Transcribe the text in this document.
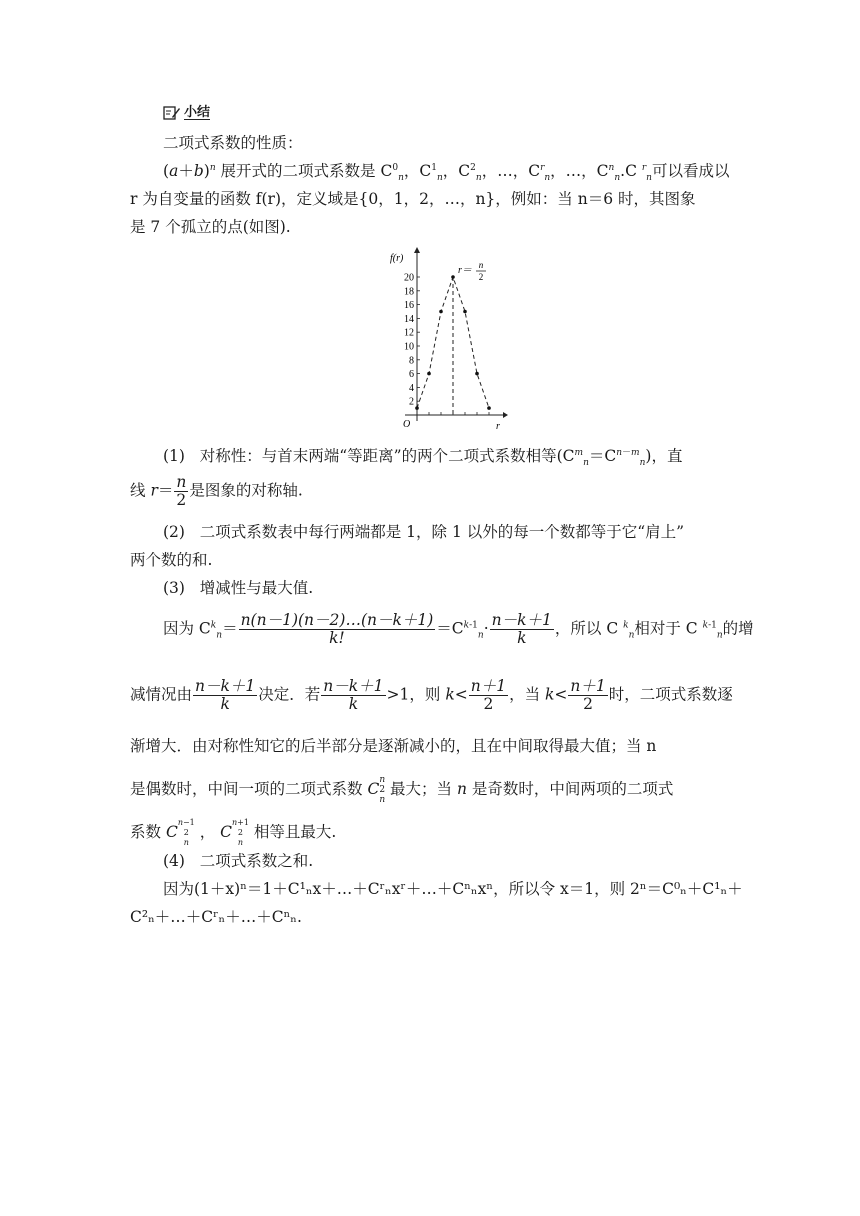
小结
二项式系数的性质：
$(a+b)^n$ 展开式的二项式系数是 $C^0_n$，$C^1_n$，$C^2_n$，…，$C^r_n$，…，$C^n_n.C$ $^r_n$可以看成以
r 为自变量的函数 f(r)，定义域是{0，1，2，…，n}，例如：当 n＝6 时，其图象
是 7 个孤立的点(如图).
f(r)
r
O
2
4
6
8
10
12
14
16
18
20
r＝ n
2
(1)   对称性：与首末两端“等距离”的两个二项式系数相等$(C^m_n=C^{n-m}_n)$，直
线 $r= \frac{n}{2}$ 是图象的对称轴.
(2) 二项式系数表中每行两端都是 1，除 1 以外的每一个数都等于它“肩上”
两个数的和.
(3) 增减性与最大值.
因为 $C^k_n= \frac{n(n-1)(n-2)\dots(n-k+1)}{k!} =C^{k-1}_n\cdot \frac{n-k+1}{k}$ ，所以 C $^k_n$相对于 C $^{k-1}_n$的增
减情况由 $\frac{n-k+1}{k}$ 决定．若 $\frac{n-k+1}{k} >1$，则 $k< \frac{n+1}{2}$ ，当 $k< \frac{n+1}{2}$ 时，二项式系数逐
渐增大．由对称性知它的后半部分是逐渐减小的，且在中间取得最大值；当 n
是偶数时，中间一项的二项式系数 Cn
2
n 最大；当 n 是奇数时，中间两项的二项式
系数 Cn−1
2
n ， Cn+1
2
n 相等且最大.
(4) 二项式系数之和.
因为(1＋x)ⁿ＝1＋C¹ₙx＋…＋Cʳₙxʳ＋…＋Cⁿₙxⁿ，所以令 x＝1，则 2ⁿ＝C⁰ₙ＋C¹ₙ＋
C²ₙ＋…＋Cʳₙ＋…＋Cⁿₙ.
